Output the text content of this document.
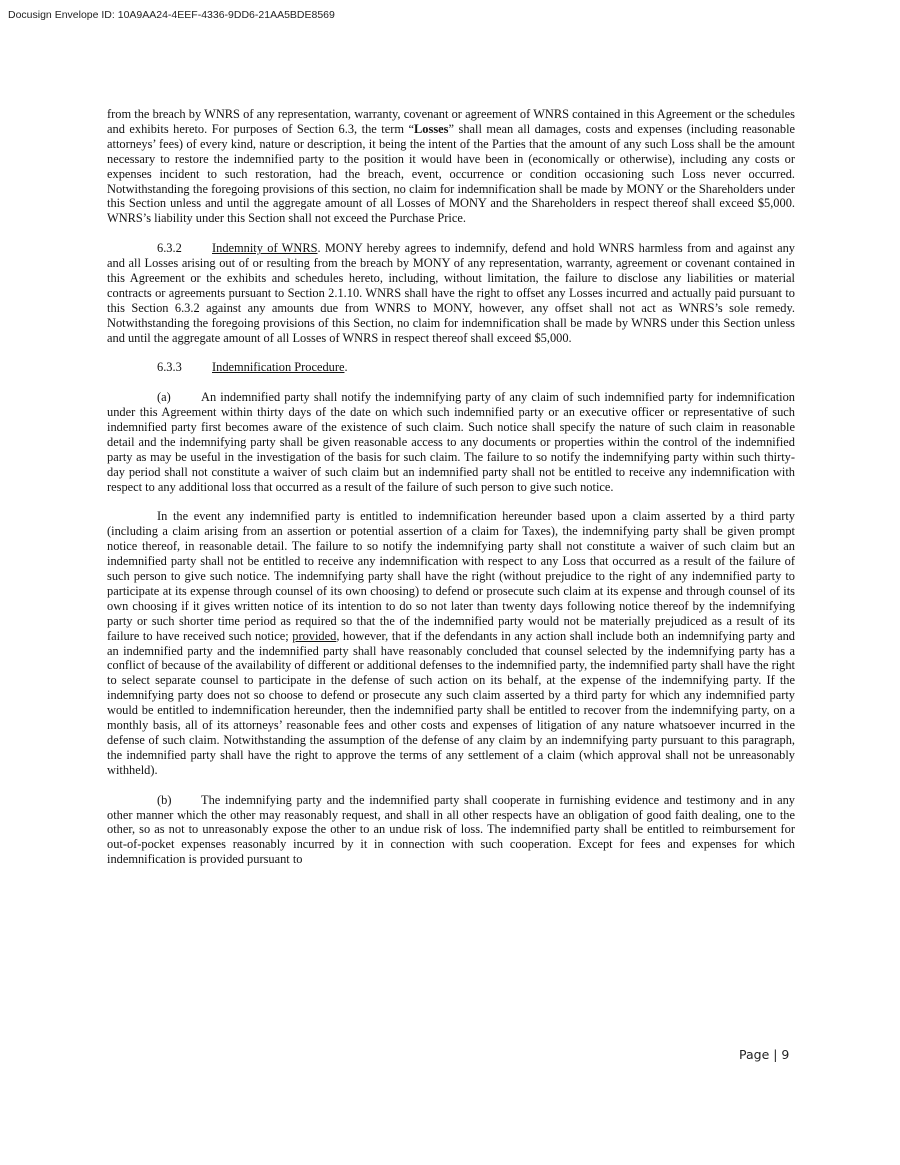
Docusign Envelope ID: 10A9AA24-4EEF-4336-9DD6-21AA5BDE8569

from the breach by WNRS of any representation, warranty, covenant or agreement of WNRS contained in this Agreement or the schedules and exhibits hereto. For purposes of Section 6.3, the term “Losses” shall mean all damages, costs and expenses (including reasonable attorneys’ fees) of every kind, nature or description, it being the intent of the Parties that the amount of any such Loss shall be the amount necessary to restore the indemnified party to the position it would have been in (economically or otherwise), including any costs or expenses incident to such restoration, had the breach, event, occurrence or condition occasioning such Loss never occurred. Notwithstanding the foregoing provisions of this section, no claim for indemnification shall be made by MONY or the Shareholders under this Section unless and until the aggregate amount of all Losses of MONY and the Shareholders in respect thereof shall exceed $5,000. WNRS’s liability under this Section shall not exceed the Purchase Price.

6.3.2 Indemnity of WNRS. MONY hereby agrees to indemnify, defend and hold WNRS harmless from and against any and all Losses arising out of or resulting from the breach by MONY of any representation, warranty, agreement or covenant contained in this Agreement or the exhibits and schedules hereto, including, without limitation, the failure to disclose any liabilities or material contracts or agreements pursuant to Section 2.1.10. WNRS shall have the right to offset any Losses incurred and actually paid pursuant to this Section 6.3.2 against any amounts due from WNRS to MONY, however, any offset shall not act as WNRS’s sole remedy. Notwithstanding the foregoing provisions of this Section, no claim for indemnification shall be made by WNRS under this Section unless and until the aggregate amount of all Losses of WNRS in respect thereof shall exceed $5,000.

6.3.3 Indemnification Procedure.

(a) An indemnified party shall notify the indemnifying party of any claim of such indemnified party for indemnification under this Agreement within thirty days of the date on which such indemnified party or an executive officer or representative of such indemnified party first becomes aware of the existence of such claim. Such notice shall specify the nature of such claim in reasonable detail and the indemnifying party shall be given reasonable access to any documents or properties within the control of the indemnified party as may be useful in the investigation of the basis for such claim. The failure to so notify the indemnifying party within such thirty-day period shall not constitute a waiver of such claim but an indemnified party shall not be entitled to receive any indemnification with respect to any additional loss that occurred as a result of the failure of such person to give such notice.

In the event any indemnified party is entitled to indemnification hereunder based upon a claim asserted by a third party (including a claim arising from an assertion or potential assertion of a claim for Taxes), the indemnifying party shall be given prompt notice thereof, in reasonable detail. The failure to so notify the indemnifying party shall not constitute a waiver of such claim but an indemnified party shall not be entitled to receive any indemnification with respect to any Loss that occurred as a result of the failure of such person to give such notice. The indemnifying party shall have the right (without prejudice to the right of any indemnified party to participate at its expense through counsel of its own choosing) to defend or prosecute such claim at its expense and through counsel of its own choosing if it gives written notice of its intention to do so not later than twenty days following notice thereof by the indemnifying party or such shorter time period as required so that the of the indemnified party would not be materially prejudiced as a result of its failure to have received such notice; provided, however, that if the defendants in any action shall include both an indemnifying party and an indemnified party and the indemnified party shall have reasonably concluded that counsel selected by the indemnifying party has a conflict of because of the availability of different or additional defenses to the indemnified party, the indemnified party shall have the right to select separate counsel to participate in the defense of such action on its behalf, at the expense of the indemnifying party. If the indemnifying party does not so choose to defend or prosecute any such claim asserted by a third party for which any indemnified party would be entitled to indemnification hereunder, then the indemnified party shall be entitled to recover from the indemnifying party, on a monthly basis, all of its attorneys’ reasonable fees and other costs and expenses of litigation of any nature whatsoever incurred in the defense of such claim. Notwithstanding the assumption of the defense of any claim by an indemnifying party pursuant to this paragraph, the indemnified party shall have the right to approve the terms of any settlement of a claim (which approval shall not be unreasonably withheld).

(b) The indemnifying party and the indemnified party shall cooperate in furnishing evidence and testimony and in any other manner which the other may reasonably request, and shall in all other respects have an obligation of good faith dealing, one to the other, so as not to unreasonably expose the other to an undue risk of loss. The indemnified party shall be entitled to reimbursement for out-of-pocket expenses reasonably incurred by it in connection with such cooperation. Except for fees and expenses for which indemnification is provided pursuant to

Page | 9
